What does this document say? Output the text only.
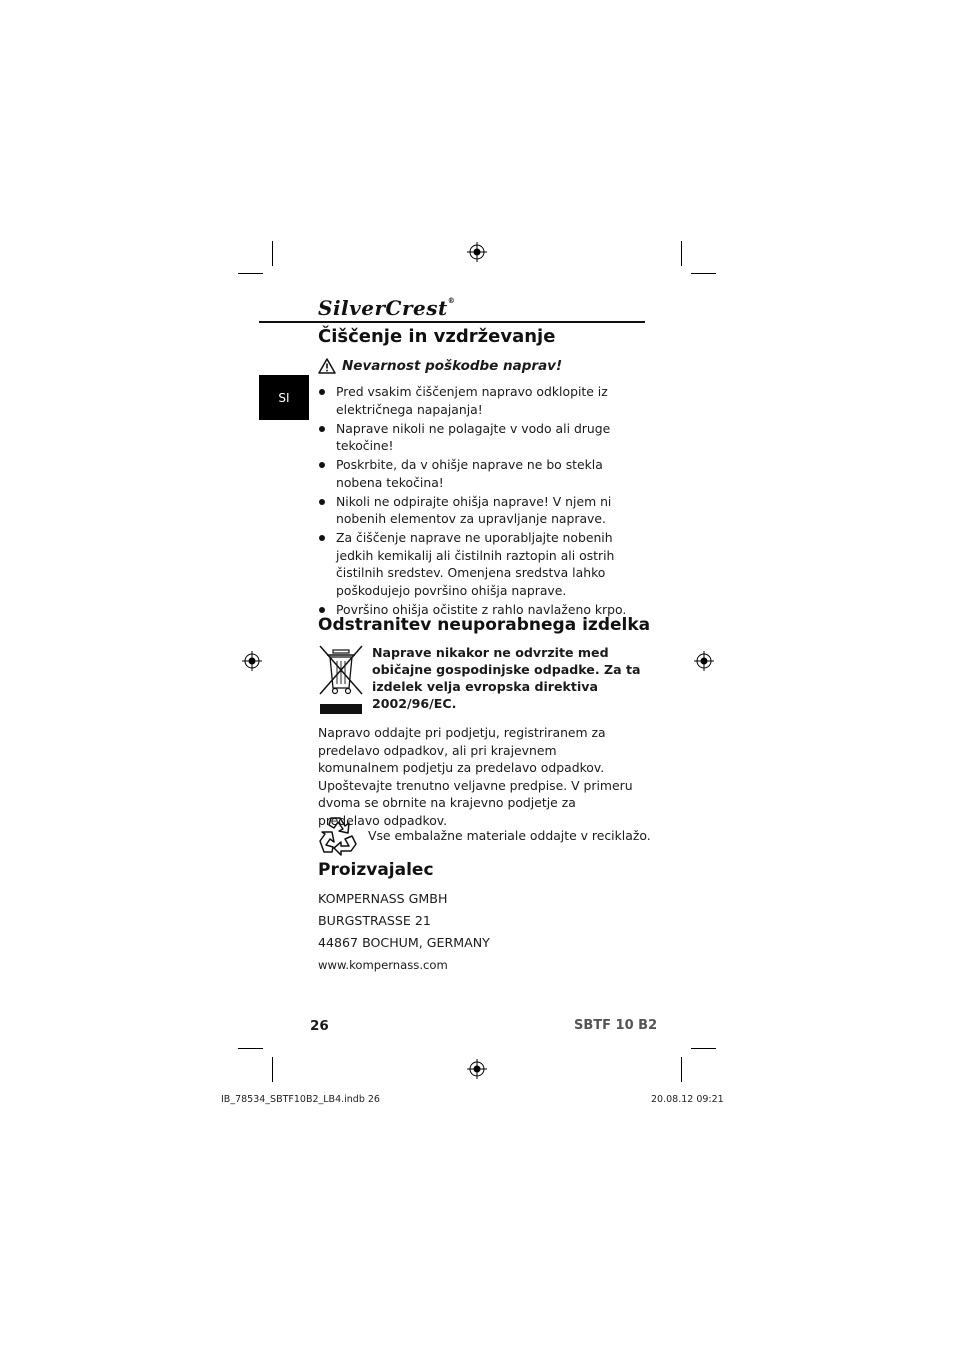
SilverCrest®
SI
Čiščenje in vzdrževanje
Nevarnost poškodbe naprav!
Pred vsakim čiščenjem napravo odklopite iz električnega napajanja!
Naprave nikoli ne polagajte v vodo ali druge tekočine!
Poskrbite, da v ohišje naprave ne bo stekla nobena tekočina!
Nikoli ne odpirajte ohišja naprave! V njem ni nobenih elementov za upravljanje naprave.
Za čiščenje naprave ne uporabljajte nobenih jedkih kemikalij ali čistilnih raztopin ali ostrih čistilnih sredstev. Omenjena sredstva lahko poškodujejo površino ohišja naprave.
Površino ohišja očistite z rahlo navlaženo krpo.
Odstranitev neuporabnega izdelka
Naprave nikakor ne odvrzite med običajne gospodinjske odpadke. Za ta izdelek velja evropska direktiva 2002/96/EC.
Napravo oddajte pri podjetju, registriranem za predelavo odpadkov, ali pri krajevnem komunalnem podjetju za predelavo odpadkov. Upoštevajte trenutno veljavne predpise. V primeru dvoma se obrnite na krajevno podjetje za predelavo odpadkov.
Vse embalažne materiale oddajte v reciklažo.
Proizvajalec
KOMPERNASS GMBH
BURGSTRASSE 21
44867 BOCHUM, GERMANY
www.kompernass.com
26	SBTF 10 B2
IB_78534_SBTF10B2_LB4.indb 26	20.08.12 09:21
